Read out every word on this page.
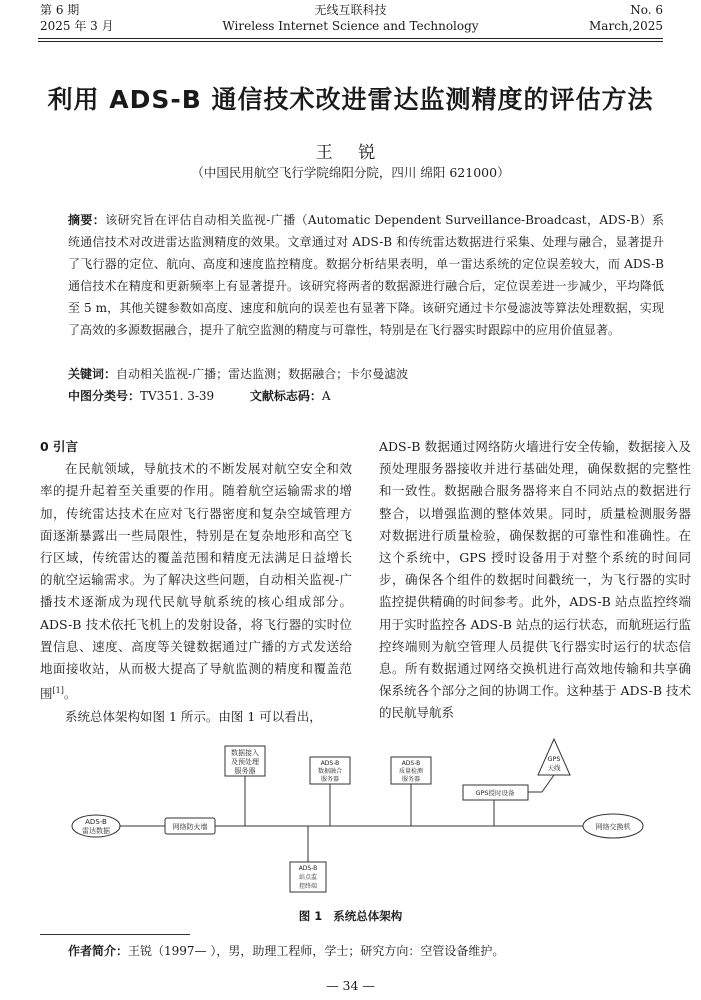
第 6 期
2025 年 3 月
无线互联科技
Wireless Internet Science and Technology
No. 6
March,2025
利用 ADS-B 通信技术改进雷达监测精度的评估方法
王 锐
（中国民用航空飞行学院绵阳分院，四川 绵阳 621000）
摘要：该研究旨在评估自动相关监视-广播（Automatic Dependent Surveillance-Broadcast，ADS-B）系统通信技术对改进雷达监测精度的效果。文章通过对 ADS-B 和传统雷达数据进行采集、处理与融合，显著提升了飞行器的定位、航向、高度和速度监控精度。数据分析结果表明，单一雷达系统的定位误差较大，而 ADS-B 通信技术在精度和更新频率上有显著提升。该研究将两者的数据源进行融合后，定位误差进一步减少，平均降低至 5 m，其他关键参数如高度、速度和航向的误差也有显著下降。该研究通过卡尔曼滤波等算法处理数据，实现了高效的多源数据融合，提升了航空监测的精度与可靠性，特别是在飞行器实时跟踪中的应用价值显著。
关键词：自动相关监视-广播；雷达监测；数据融合；卡尔曼滤波
中图分类号：TV351. 3-39	文献标志码：A

0 引言

在民航领域，导航技术的不断发展对航空安全和效率的提升起着至关重要的作用。随着航空运输需求的增加，传统雷达技术在应对飞行器密度和复杂空域管理方面逐渐暴露出一些局限性，特别是在复杂地形和高空飞行区域，传统雷达的覆盖范围和精度无法满足日益增长的航空运输需求。为了解决这些问题，自动相关监视-广播技术逐渐成为现代民航导航系统的核心组成部分。ADS-B 技术依托飞机上的发射设备，将飞行器的实时位置信息、速度、高度等关键数据通过广播的方式发送给地面接收站，从而极大提高了导航监测的精度和覆盖范围[1]。

系统总体架构如图 1 所示。由图 1 可以看出，

ADS-B 数据通过网络防火墙进行安全传输，数据接入及预处理服务器接收并进行基础处理，确保数据的完整性和一致性。数据融合服务器将来自不同站点的数据进行整合，以增强监测的整体效果。同时，质量检测服务器对数据进行质量检验，确保数据的可靠性和准确性。在这个系统中，GPS 授时设备用于对整个系统的时间同步，确保各个组件的数据时间戳统一，为飞行器的实时监控提供精确的时间参考。此外，ADS-B 站点监控终端用于实时监控各 ADS-B 站点的运行状态，而航班运行监控终端则为航空管理人员提供飞行器实时运行的状态信息。所有数据通过网络交换机进行高效地传输和共享确保系统各个部分之间的协调工作。这种基于 ADS-B 技术的民航导航系

ADS-B
雷达数据	网络防火墙
数据接入
及预处理
服务器
ADS-B
数据融合
服务器
ADS-B
质量检测
服务器
GPS授时设备
GPS
天线
网络交换机
ADS-B
站点监
控终端
图 1 系统总体架构
作者简介：王锐（1997— ），男，助理工程师，学士；研究方向：空管设备维护。
— 34 —
